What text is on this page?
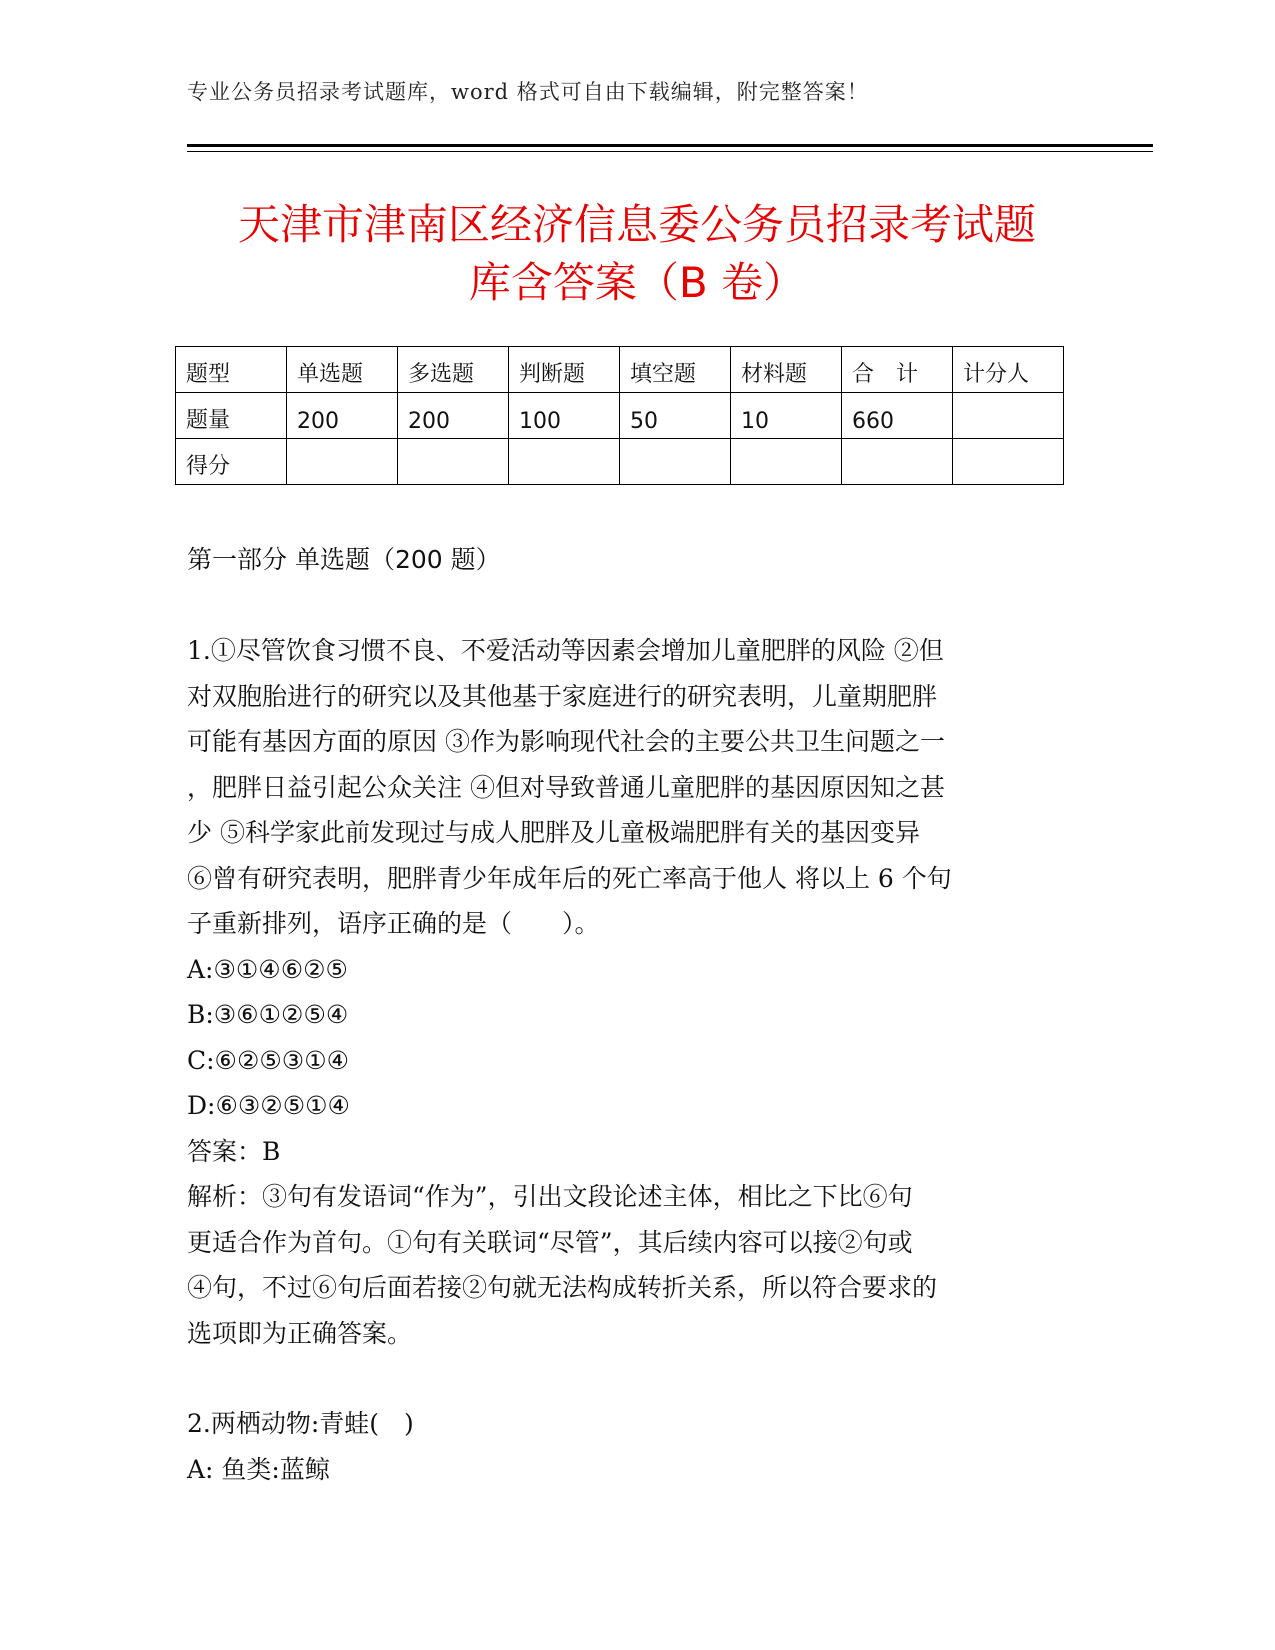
专业公务员招录考试题库，word 格式可自由下载编辑，附完整答案！
天津市津南区经济信息委公务员招录考试题
库含答案（B 卷）
题型	单选题	多选题	判断题	填空题	材料题	合　计	计分人
题量	200	200	100	50	10	660	
得分							
第一部分 单选题（200 题）

1.①尽管饮食习惯不良、不爱活动等因素会增加儿童肥胖的风险 ②但

对双胞胎进行的研究以及其他基于家庭进行的研究表明，儿童期肥胖

可能有基因方面的原因 ③作为影响现代社会的主要公共卫生问题之一

，肥胖日益引起公众关注 ④但对导致普通儿童肥胖的基因原因知之甚

少 ⑤科学家此前发现过与成人肥胖及儿童极端肥胖有关的基因变异

⑥曾有研究表明，肥胖青少年成年后的死亡率高于他人 将以上 6 个句

子重新排列，语序正确的是（　　）。

A:③①④⑥②⑤

B:③⑥①②⑤④

C:⑥②⑤③①④

D:⑥③②⑤①④

答案：B

解析：③句有发语词“作为”，引出文段论述主体，相比之下比⑥句

更适合作为首句。①句有关联词“尽管”，其后续内容可以接②句或

④句，不过⑥句后面若接②句就无法构成转折关系，所以符合要求的

选项即为正确答案。

2.两栖动物:青蛙(　)

A: 鱼类:蓝鲸
